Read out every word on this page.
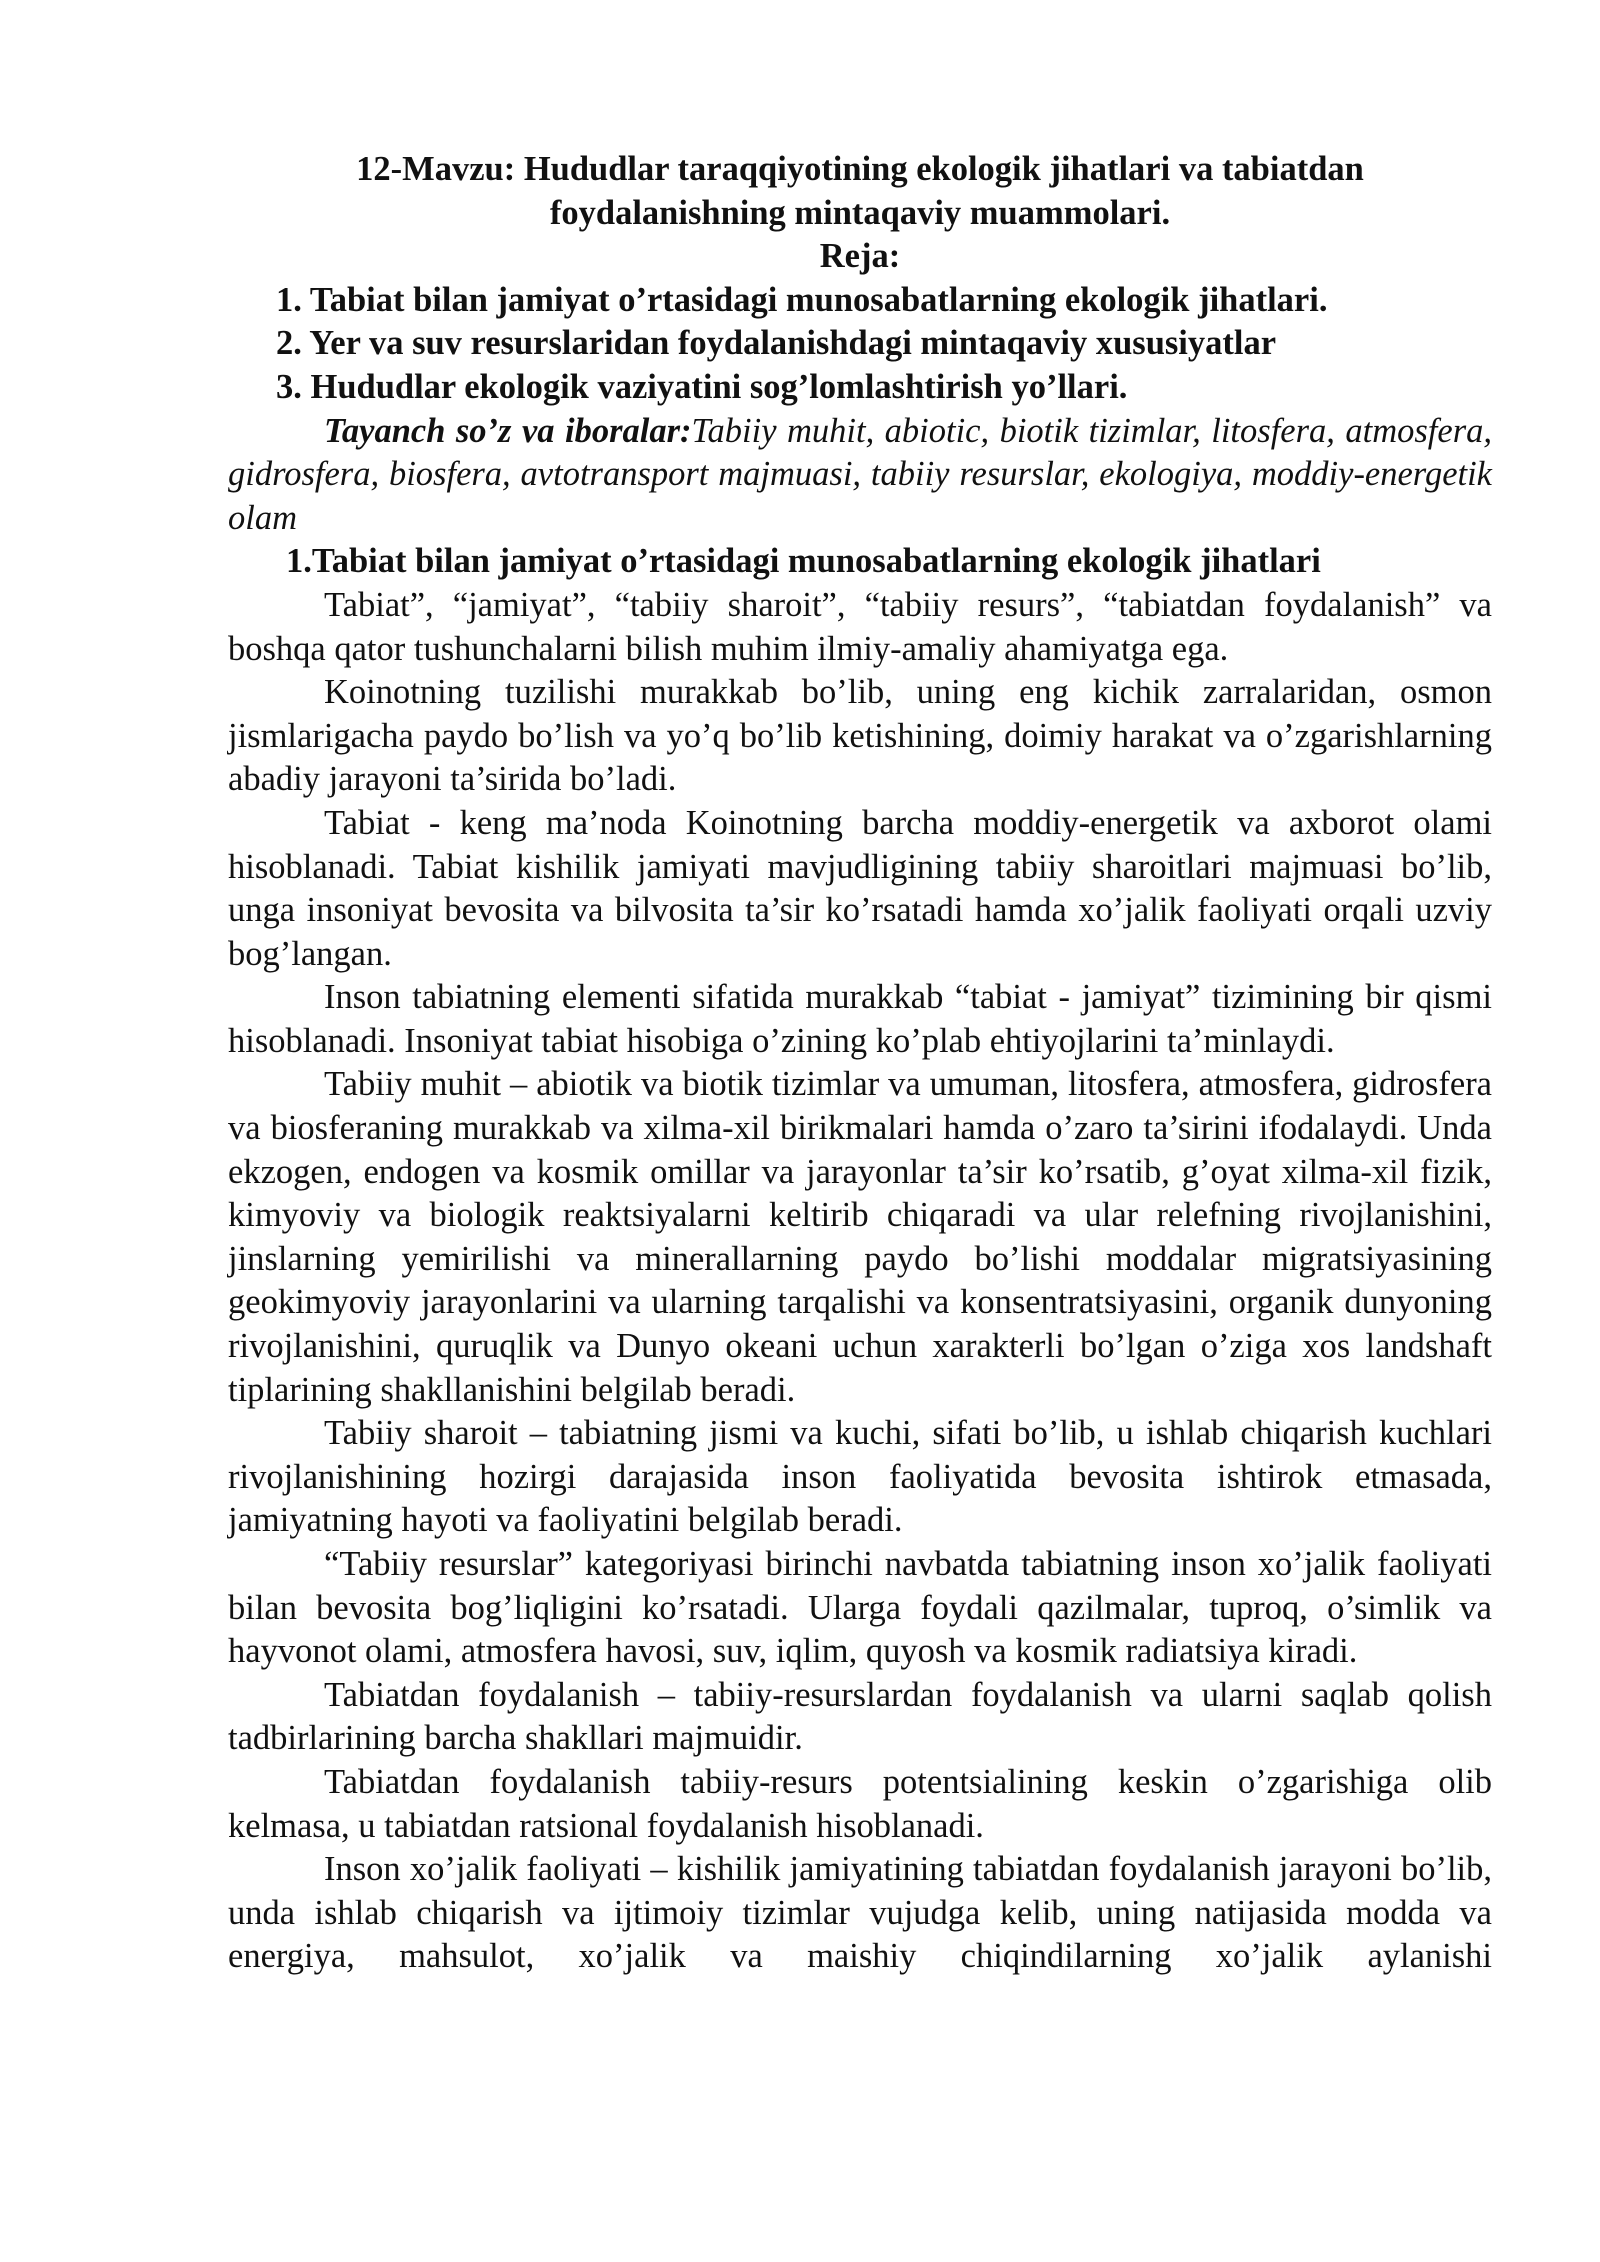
12-Mavzu: Hududlar taraqqiyotining ekologik jihatlari va tabiatdan

foydalanishning mintaqaviy muammolari.

Reja:

1. Tabiat bilan jamiyat o’rtasidagi munosabatlarning ekologik jihatlari.
2. Yer va suv resurslaridan foydalanishdagi mintaqaviy xususiyatlar
3. Hududlar ekologik vaziyatini sog’lomlashtirish yo’llari.

Tayanch so’z va iboralar:Tabiiy muhit, abiotic, biotik tizimlar, litosfera, atmosfera, gidrosfera, biosfera, avtotransport majmuasi, tabiiy resurslar, ekologiya, moddiy-energetik olam

1.Tabiat bilan jamiyat o’rtasidagi munosabatlarning ekologik jihatlari

Tabiat”, “jamiyat”, “tabiiy sharoit”, “tabiiy resurs”, “tabiatdan foydalanish” va boshqa qator tushunchalarni bilish muhim ilmiy-amaliy ahamiyatga ega.

Koinotning tuzilishi murakkab bo’lib, uning eng kichik zarralaridan, osmon jismlarigacha paydo bo’lish va yo’q bo’lib ketishining, doimiy harakat va o’zgarishlarning abadiy jarayoni ta’sirida bo’ladi.

Tabiat - keng ma’noda Koinotning barcha moddiy-energetik va axborot olami hisoblanadi. Tabiat kishilik jamiyati mavjudligining tabiiy sharoitlari majmuasi bo’lib, unga insoniyat bevosita va bilvosita ta’sir ko’rsatadi hamda xo’jalik faoliyati orqali uzviy bog’langan.

Inson tabiatning elementi sifatida murakkab “tabiat - jamiyat” tizimining bir qismi hisoblanadi. Insoniyat tabiat hisobiga o’zining ko’plab ehtiyojlarini ta’minlaydi.

Tabiiy muhit – abiotik va biotik tizimlar va umuman, litosfera, atmosfera, gidrosfera va biosferaning murakkab va xilma-xil birikmalari hamda o’zaro ta’sirini ifodalaydi. Unda ekzogen, endogen va kosmik omillar va jarayonlar ta’sir ko’rsatib, g’oyat xilma-xil fizik, kimyoviy va biologik reaktsiyalarni keltirib chiqaradi va ular relefning rivojlanishini, jinslarning yemirilishi va minerallarning paydo bo’lishi moddalar migratsiyasining geokimyoviy jarayonlarini va ularning tarqalishi va konsentratsiyasini, organik dunyoning rivojlanishini, quruqlik va Dunyo okeani uchun xarakterli bo’lgan o’ziga xos landshaft tiplarining shakllanishini belgilab beradi.

Tabiiy sharoit – tabiatning jismi va kuchi, sifati bo’lib, u ishlab chiqarish kuchlari rivojlanishining hozirgi darajasida inson faoliyatida bevosita ishtirok etmasada, jamiyatning hayoti va faoliyatini belgilab beradi.

“Tabiiy resurslar” kategoriyasi birinchi navbatda tabiatning inson xo’jalik faoliyati bilan bevosita bog’liqligini ko’rsatadi. Ularga foydali qazilmalar, tuproq, o’simlik va hayvonot olami, atmosfera havosi, suv, iqlim, quyosh va kosmik radiatsiya kiradi.

Tabiatdan foydalanish – tabiiy-resurslardan foydalanish va ularni saqlab qolish tadbirlarining barcha shakllari majmuidir.

Tabiatdan foydalanish tabiiy-resurs potentsialining keskin o’zgarishiga olib kelmasa, u tabiatdan ratsional foydalanish hisoblanadi.

Inson xo’jalik faoliyati – kishilik jamiyatining tabiatdan foydalanish jarayoni bo’lib, unda ishlab chiqarish va ijtimoiy tizimlar vujudga kelib, uning natijasida modda va energiya, mahsulot, xo’jalik va maishiy chiqindilarning xo’jalik aylanishi
